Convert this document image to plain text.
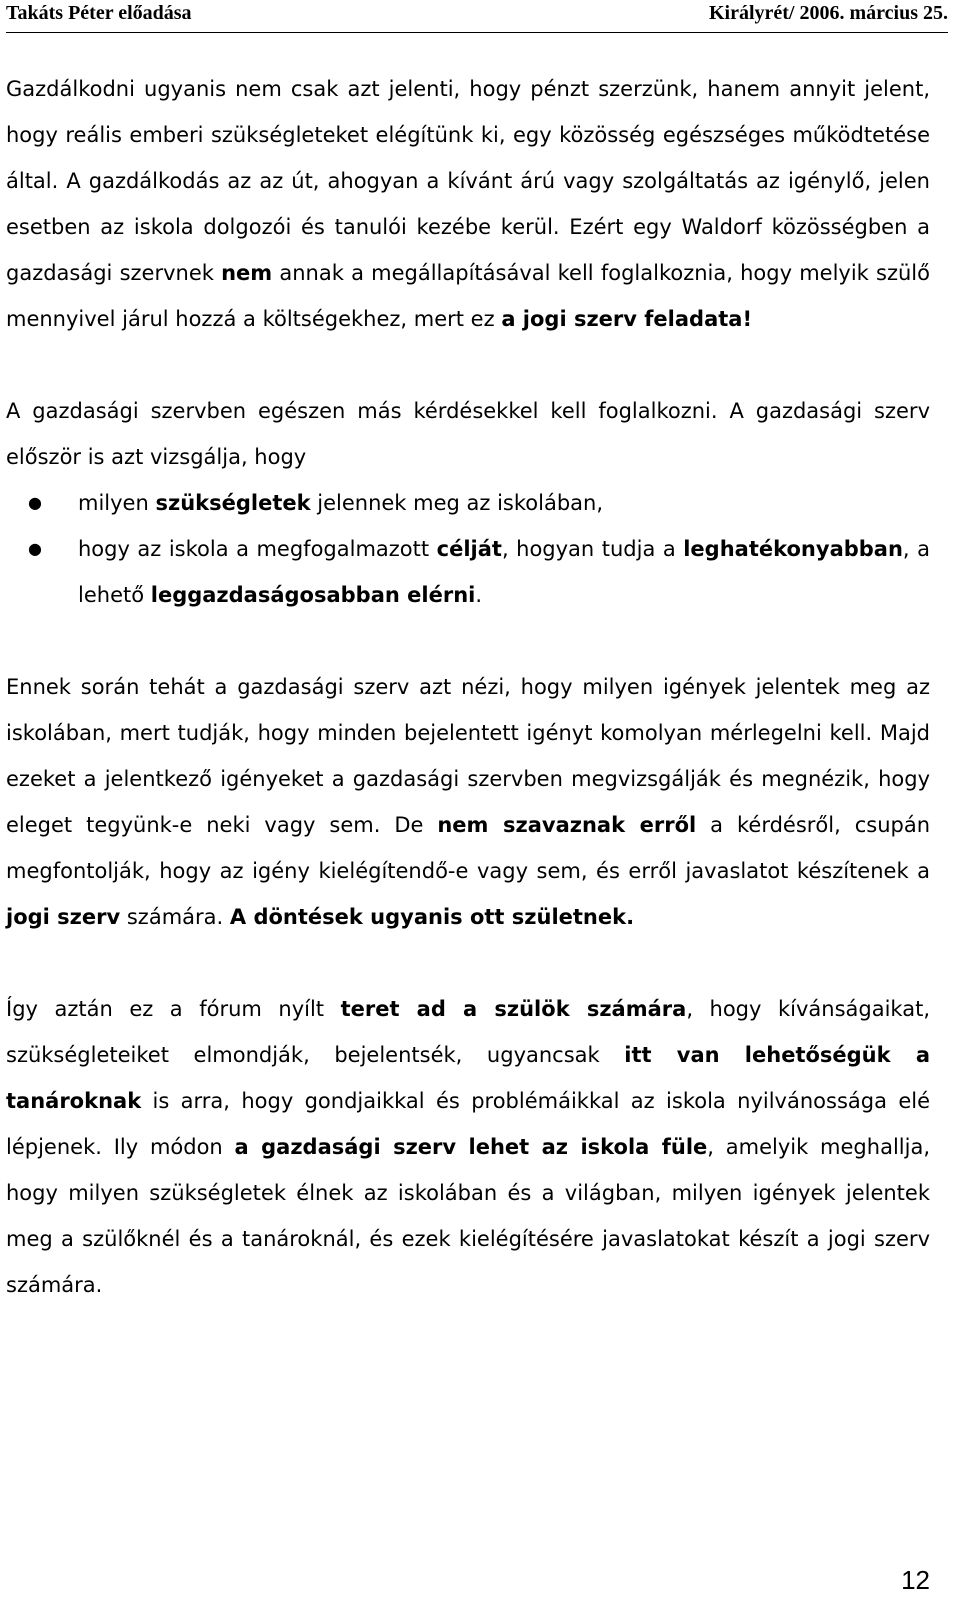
Takáts Péter előadása	Királyrét/ 2006. március 25.

Gazdálkodni ugyanis nem csak azt jelenti, hogy pénzt szerzünk, hanem annyit jelent, hogy reális emberi szükségleteket elégítünk ki, egy közösség egészséges működtetése által. A gazdálkodás az az út, ahogyan a kívánt árú vagy szolgáltatás az igénylő, jelen esetben az iskola dolgozói és tanulói kezébe kerül. Ezért egy Waldorf közösségben a gazdasági szervnek nem annak a megállapításával kell foglalkoznia, hogy melyik szülő mennyivel járul hozzá a költségekhez, mert ez a jogi szerv feladata!

A gazdasági szervben egészen más kérdésekkel kell foglalkozni. A gazdasági szerv először is azt vizsgálja, hogy

● milyen szükségletek jelennek meg az iskolában,
● hogy az iskola a megfogalmazott célját, hogyan tudja a leghatékonyabban, a lehető leggazdaságosabban elérni.

Ennek során tehát a gazdasági szerv azt nézi, hogy milyen igények jelentek meg az iskolában, mert tudják, hogy minden bejelentett igényt komolyan mérlegelni kell. Majd ezeket a jelentkező igényeket a gazdasági szervben megvizsgálják és megnézik, hogy eleget tegyünk-e neki vagy sem. De nem szavaznak erről a kérdésről, csupán megfontolják, hogy az igény kielégítendő-e vagy sem, és erről javaslatot készítenek a jogi szerv számára. A döntések ugyanis ott születnek.

Így aztán ez a fórum nyílt teret ad a szülök számára, hogy kívánságaikat, szükségleteiket elmondják, bejelentsék, ugyancsak itt van lehetőségük a tanároknak is arra, hogy gondjaikkal és problémáikkal az iskola nyilvánossága elé lépjenek. Ily módon a gazdasági szerv lehet az iskola füle, amelyik meghallja, hogy milyen szükségletek élnek az iskolában és a világban, milyen igények jelentek meg a szülőknél és a tanároknál, és ezek kielégítésére javaslatokat készít a jogi szerv számára.

12
